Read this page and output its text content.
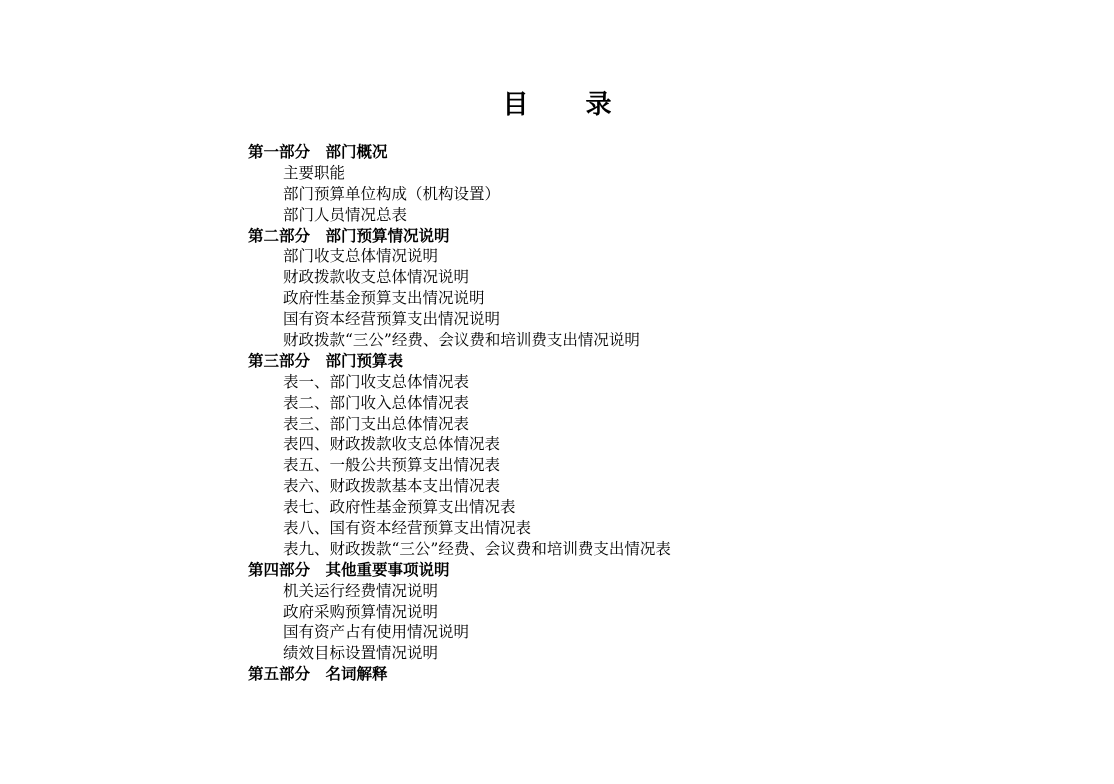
目 录
第一部分　部门概况
主要职能
部门预算单位构成（机构设置）
部门人员情况总表
第二部分　部门预算情况说明
部门收支总体情况说明
财政拨款收支总体情况说明
政府性基金预算支出情况说明
国有资本经营预算支出情况说明
财政拨款“三公”经费、会议费和培训费支出情况说明
第三部分　部门预算表
表一、部门收支总体情况表
表二、部门收入总体情况表
表三、部门支出总体情况表
表四、财政拨款收支总体情况表
表五、一般公共预算支出情况表
表六、财政拨款基本支出情况表
表七、政府性基金预算支出情况表
表八、国有资本经营预算支出情况表
表九、财政拨款“三公”经费、会议费和培训费支出情况表
第四部分　其他重要事项说明
机关运行经费情况说明
政府采购预算情况说明
国有资产占有使用情况说明
绩效目标设置情况说明
第五部分　名词解释
